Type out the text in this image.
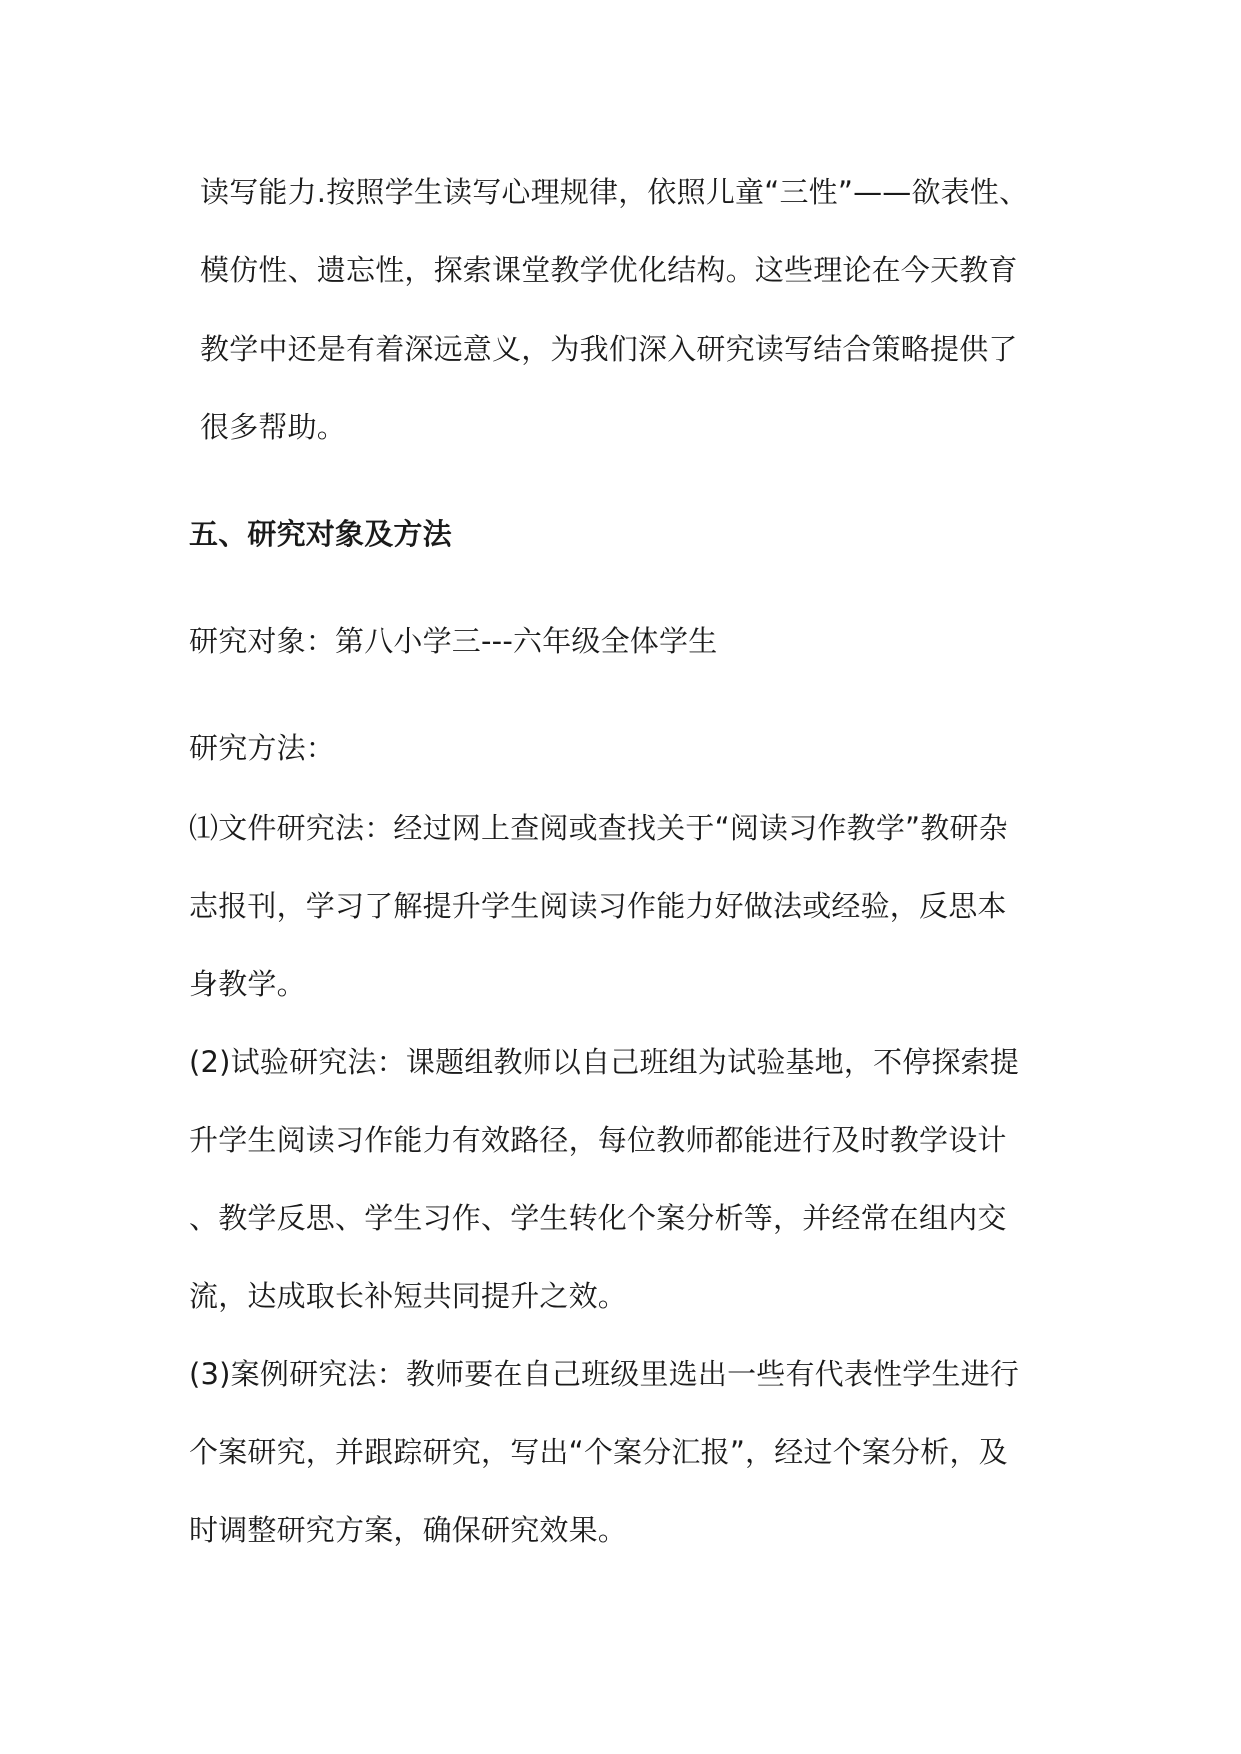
读写能力.按照学生读写心理规律，依照儿童“三性”——欲表性、
模仿性、遗忘性，探索课堂教学优化结构。这些理论在今天教育
教学中还是有着深远意义，为我们深入研究读写结合策略提供了
很多帮助。
五、研究对象及方法
研究对象：第八小学三---六年级全体学生
研究方法：
⑴文件研究法：经过网上查阅或查找关于“阅读习作教学”教研杂
志报刊，学习了解提升学生阅读习作能力好做法或经验，反思本
身教学。
(2)试验研究法：课题组教师以自己班组为试验基地，不停探索提
升学生阅读习作能力有效路径，每位教师都能进行及时教学设计
、教学反思、学生习作、学生转化个案分析等，并经常在组内交
流，达成取长补短共同提升之效。
(3)案例研究法：教师要在自己班级里选出一些有代表性学生进行
个案研究，并跟踪研究，写出“个案分汇报”，经过个案分析，及
时调整研究方案，确保研究效果。
